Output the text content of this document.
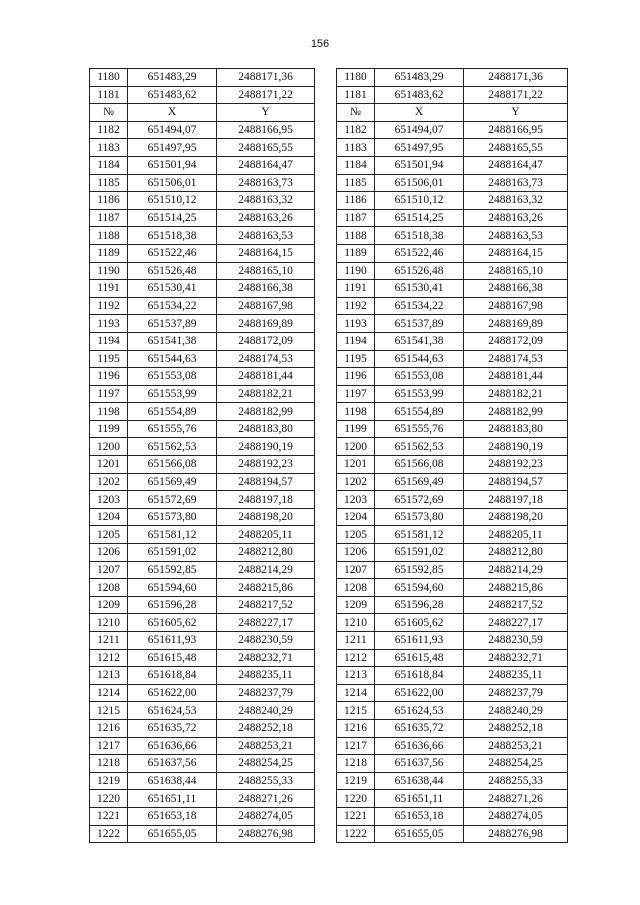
156
1180	651483,29	2488171,36		1180	651483,29	2488171,36
1181	651483,62	2488171,22		1181	651483,62	2488171,22
№	X	Y		№	X	Y
1182	651494,07	2488166,95		1182	651494,07	2488166,95
1183	651497,95	2488165,55		1183	651497,95	2488165,55
1184	651501,94	2488164,47		1184	651501,94	2488164,47
1185	651506,01	2488163,73		1185	651506,01	2488163,73
1186	651510,12	2488163,32		1186	651510,12	2488163,32
1187	651514,25	2488163,26		1187	651514,25	2488163,26
1188	651518,38	2488163,53		1188	651518,38	2488163,53
1189	651522,46	2488164,15		1189	651522,46	2488164,15
1190	651526,48	2488165,10		1190	651526,48	2488165,10
1191	651530,41	2488166,38		1191	651530,41	2488166,38
1192	651534,22	2488167,98		1192	651534,22	2488167,98
1193	651537,89	2488169,89		1193	651537,89	2488169,89
1194	651541,38	2488172,09		1194	651541,38	2488172,09
1195	651544,63	2488174,53		1195	651544,63	2488174,53
1196	651553,08	2488181,44		1196	651553,08	2488181,44
1197	651553,99	2488182,21		1197	651553,99	2488182,21
1198	651554,89	2488182,99		1198	651554,89	2488182,99
1199	651555,76	2488183,80		1199	651555,76	2488183,80
1200	651562,53	2488190,19		1200	651562,53	2488190,19
1201	651566,08	2488192,23		1201	651566,08	2488192,23
1202	651569,49	2488194,57		1202	651569,49	2488194,57
1203	651572,69	2488197,18		1203	651572,69	2488197,18
1204	651573,80	2488198,20		1204	651573,80	2488198,20
1205	651581,12	2488205,11		1205	651581,12	2488205,11
1206	651591,02	2488212,80		1206	651591,02	2488212,80
1207	651592,85	2488214,29		1207	651592,85	2488214,29
1208	651594,60	2488215,86		1208	651594,60	2488215,86
1209	651596,28	2488217,52		1209	651596,28	2488217,52
1210	651605,62	2488227,17		1210	651605,62	2488227,17
1211	651611,93	2488230,59		1211	651611,93	2488230,59
1212	651615,48	2488232,71		1212	651615,48	2488232,71
1213	651618,84	2488235,11		1213	651618,84	2488235,11
1214	651622,00	2488237,79		1214	651622,00	2488237,79
1215	651624,53	2488240,29		1215	651624,53	2488240,29
1216	651635,72	2488252,18		1216	651635,72	2488252,18
1217	651636,66	2488253,21		1217	651636,66	2488253,21
1218	651637,56	2488254,25		1218	651637,56	2488254,25
1219	651638,44	2488255,33		1219	651638,44	2488255,33
1220	651651,11	2488271,26		1220	651651,11	2488271,26
1221	651653,18	2488274,05		1221	651653,18	2488274,05
1222	651655,05	2488276,98		1222	651655,05	2488276,98
